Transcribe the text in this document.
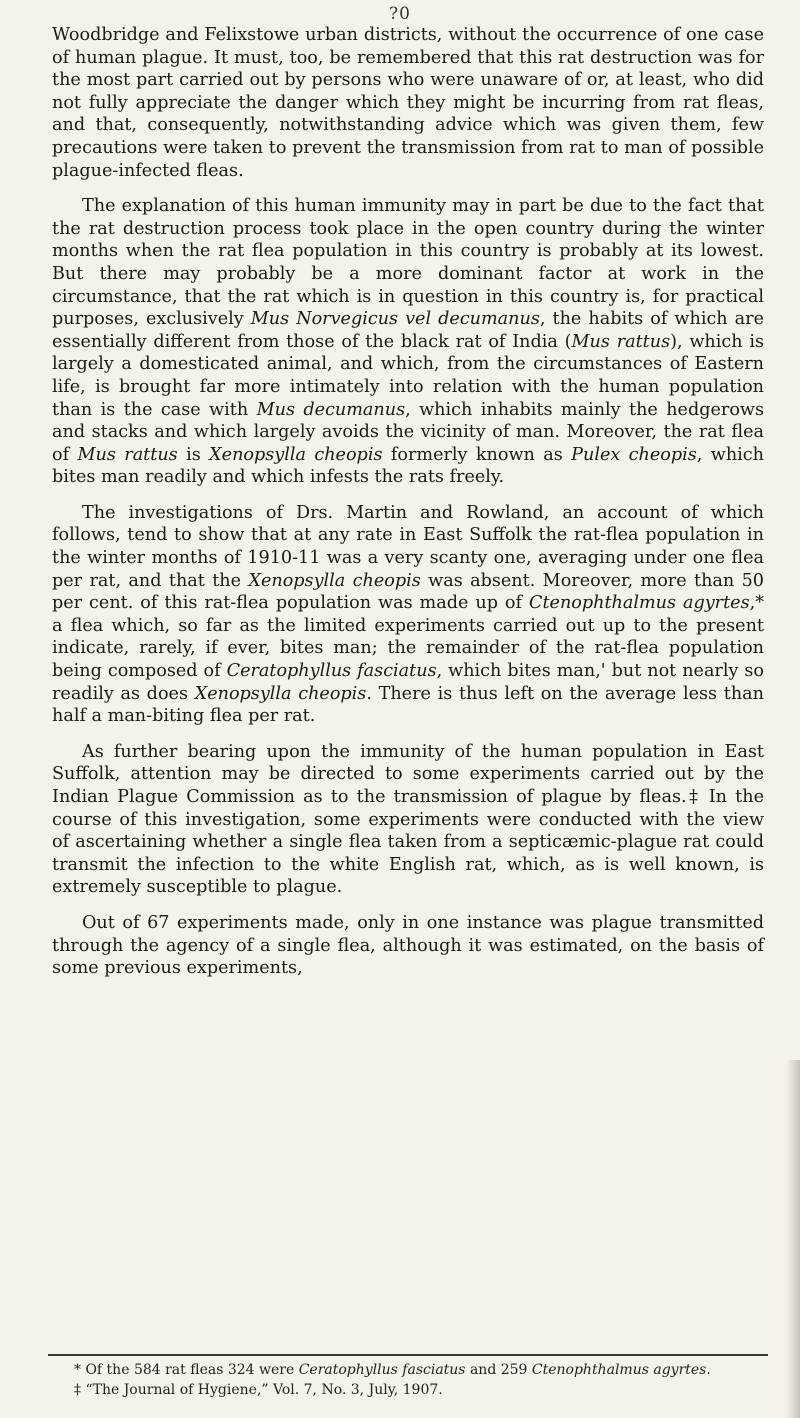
?0

Woodbridge and Felixstowe urban districts, without the occurrence of one case of human plague. It must, too, be remembered that this rat destruction was for the most part carried out by persons who were unaware of or, at least, who did not fully appreciate the danger which they might be incurring from rat fleas, and that, consequently, notwithstanding advice which was given them, few precautions were taken to prevent the transmission from rat to man of possible plague-infected fleas.

The explanation of this human immunity may in part be due to the fact that the rat destruction process took place in the open country during the winter months when the rat flea population in this country is probably at its lowest. But there may probably be a more dominant factor at work in the circumstance, that the rat which is in question in this country is, for practical purposes, exclusively Mus Norvegicus vel decumanus, the habits of which are essentially different from those of the black rat of India (Mus rattus), which is largely a domesticated animal, and which, from the circumstances of Eastern life, is brought far more intimately into relation with the human population than is the case with Mus decumanus, which inhabits mainly the hedgerows and stacks and which largely avoids the vicinity of man. Moreover, the rat flea of Mus rattus is Xenopsylla cheopis formerly known as Pulex cheopis, which bites man readily and which infests the rats freely.

The investigations of Drs. Martin and Rowland, an account of which follows, tend to show that at any rate in East Suffolk the rat-flea population in the winter months of 1910-11 was a very scanty one, averaging under one flea per rat, and that the Xenopsylla cheopis was absent. Moreover, more than 50 per cent. of this rat-flea population was made up of Ctenophthalmus agyrtes,* a flea which, so far as the limited experiments carried out up to the present indicate, rarely, if ever, bites man; the remainder of the rat-flea population being composed of Ceratophyllus fasciatus, which bites man,' but not nearly so readily as does Xenopsylla cheopis. There is thus left on the average less than half a man-biting flea per rat.

As further bearing upon the immunity of the human population in East Suffolk, attention may be directed to some experiments carried out by the Indian Plague Commission as to the transmission of plague by fleas.‡ In the course of this investigation, some experiments were conducted with the view of ascertaining whether a single flea taken from a septicæmic-plague rat could transmit the infection to the white English rat, which, as is well known, is extremely susceptible to plague.

Out of 67 experiments made, only in one instance was plague transmitted through the agency of a single flea, although it was estimated, on the basis of some previous experiments,

* Of the 584 rat fleas 324 were Ceratophyllus fasciatus and 259 Ctenophthalmus agyrtes.

‡ “The Journal of Hygiene,” Vol. 7, No. 3, July, 1907.
